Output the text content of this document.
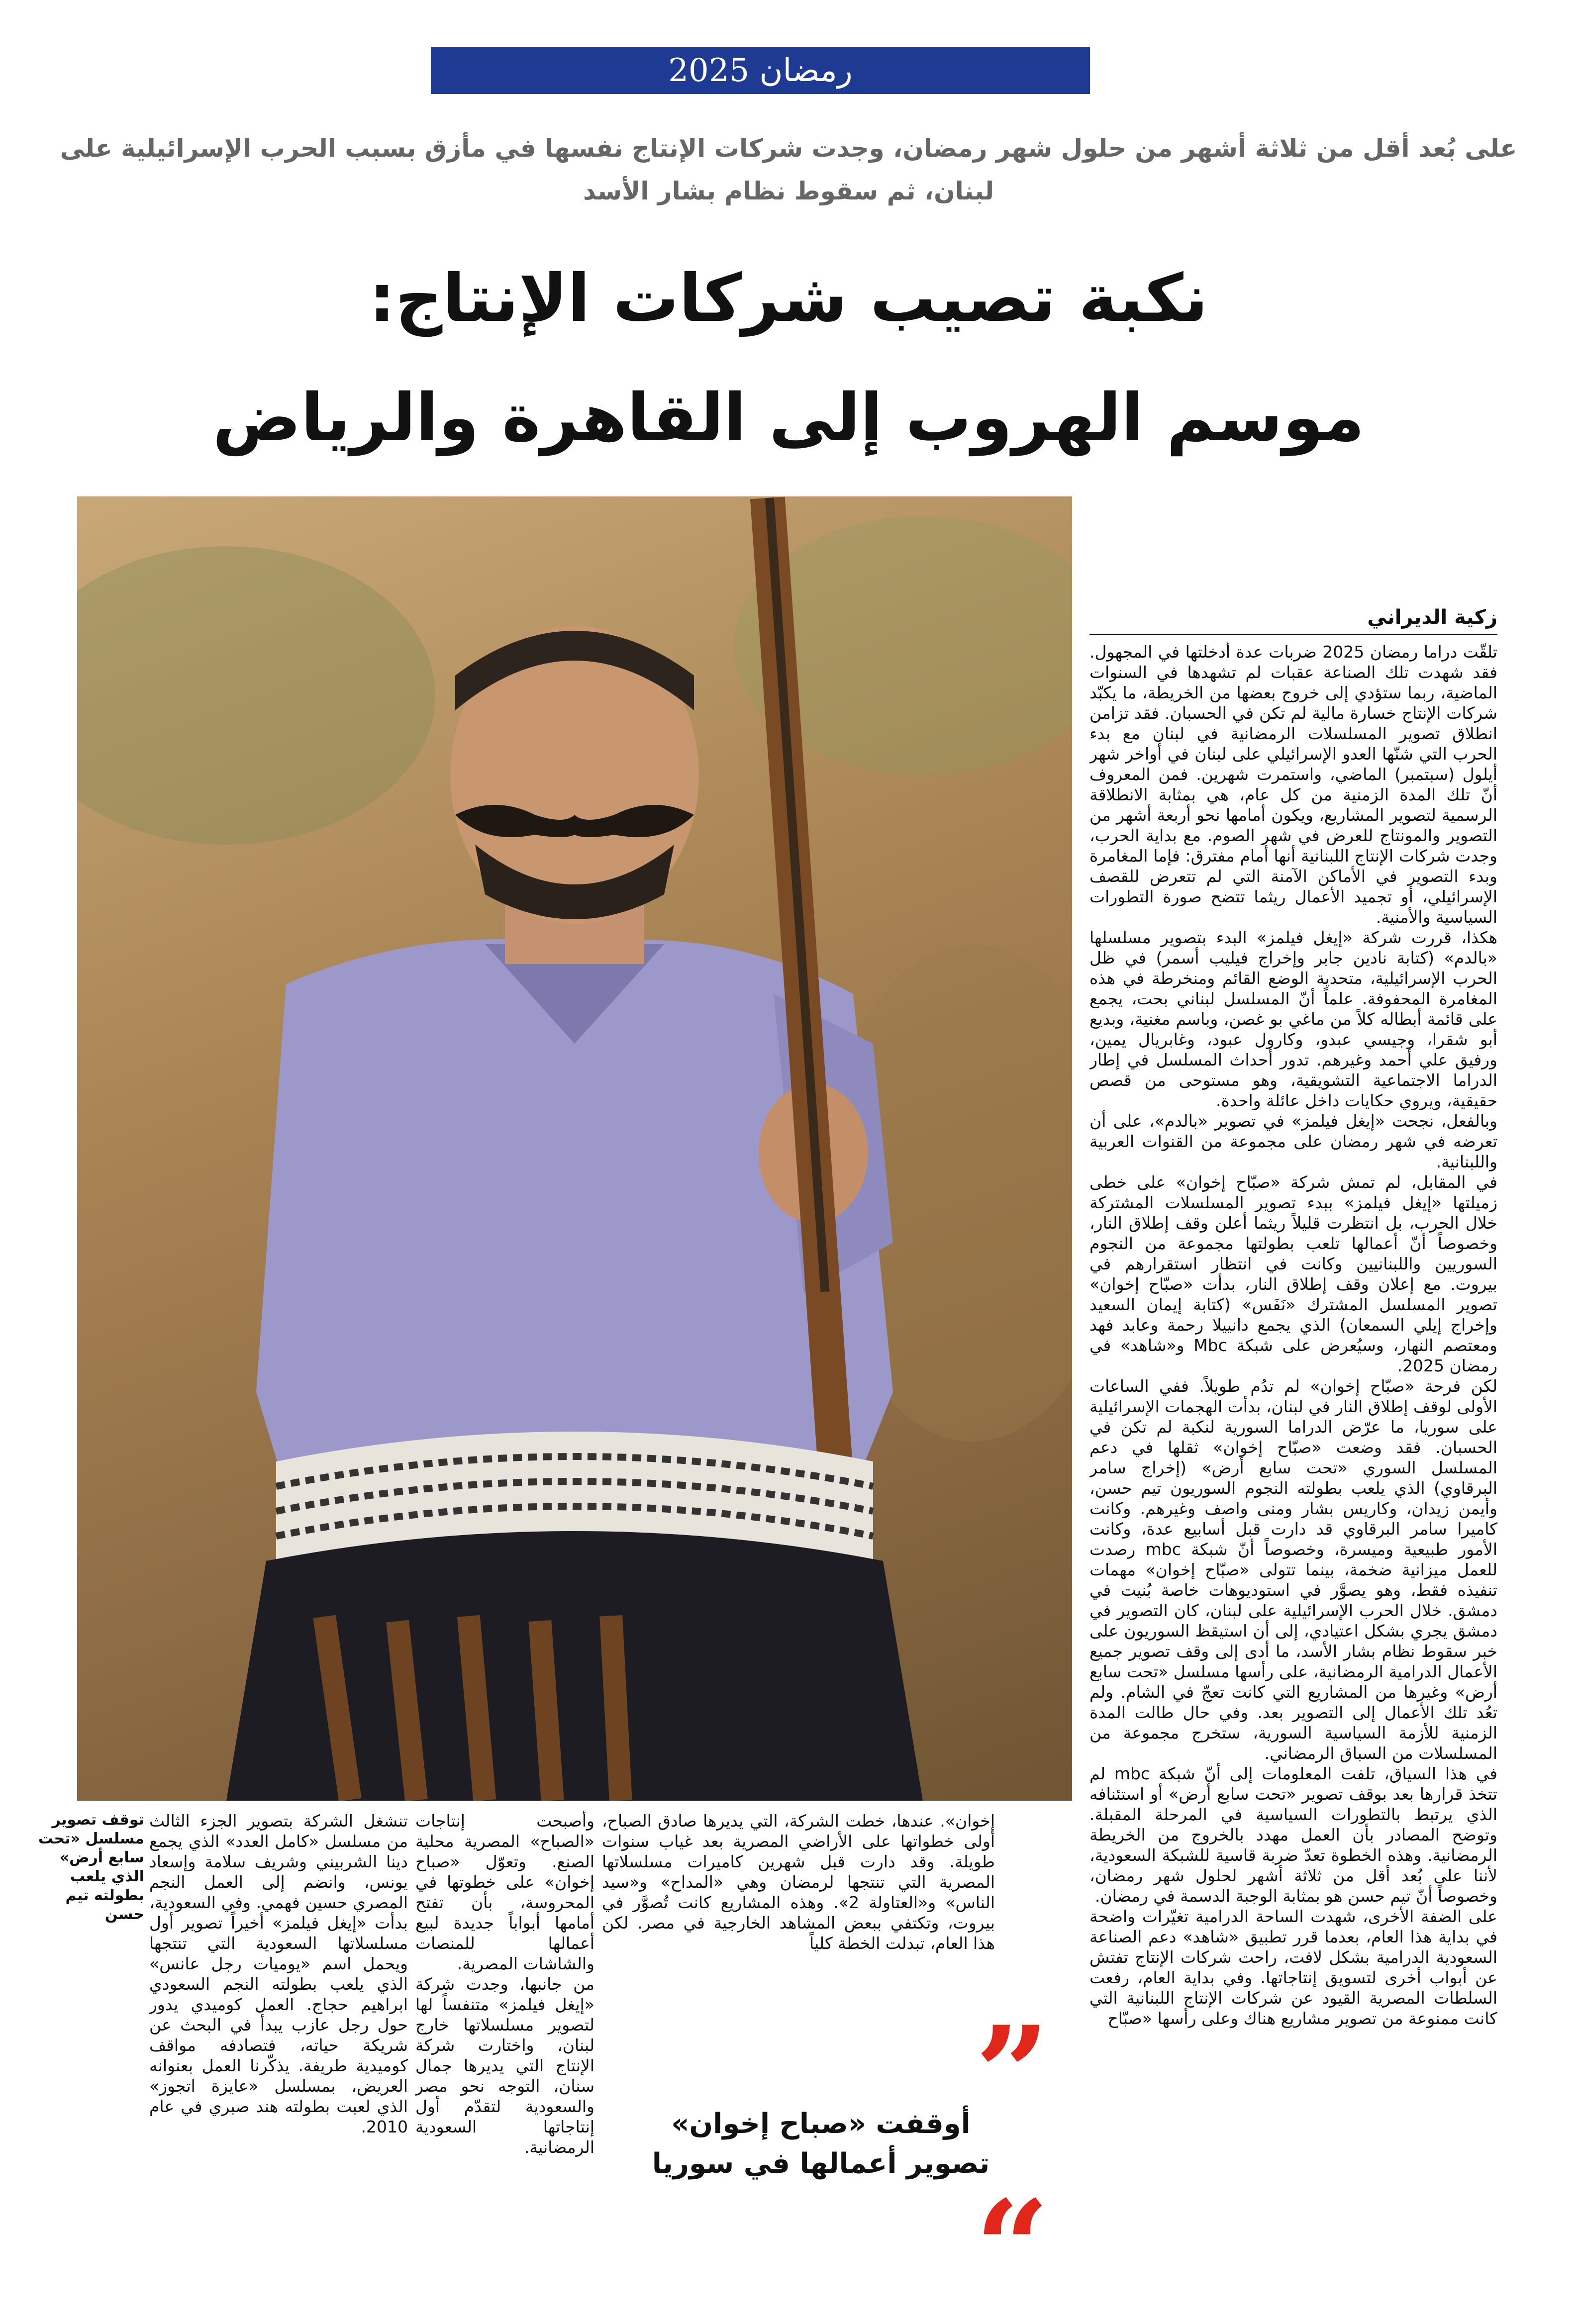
رمضان 2025
على بُعد أقل من ثلاثة أشهر من حلول شهر رمضان، وجدت شركات الإنتاج نفسها في مأزق بسبب الحرب الإسرائيلية على لبنان، ثم سقوط نظام بشار الأسد
نكبة تصيب شركات الإنتاج:
موسم الهروب إلى القاهرة والرياض
زكية الديراني

تلقّت دراما رمضان 2025 ضربات عدة أدخلتها في المجهول. فقد شهدت تلك الصناعة عقبات لم تشهدها في السنوات الماضية، ربما ستؤدي إلى خروج بعضها من الخريطة، ما يكبّد شركات الإنتاج خسارة مالية لم تكن في الحسبان. فقد تزامن انطلاق تصوير المسلسلات الرمضانية في لبنان مع بدء الحرب التي شنّها العدو الإسرائيلي على لبنان في أواخر شهر أيلول (سبتمبر) الماضي، واستمرت شهرين. فمن المعروف أنّ تلك المدة الزمنية من كل عام، هي بمثابة الانطلاقة الرسمية لتصوير المشاريع، ويكون أمامها نحو أربعة أشهر من التصوير والمونتاج للعرض في شهر الصوم. مع بداية الحرب، وجدت شركات الإنتاج اللبنانية أنها أمام مفترق: فإما المغامرة وبدء التصوير في الأماكن الآمنة التي لم تتعرض للقصف الإسرائيلي، أو تجميد الأعمال ريثما تتضح صورة التطورات السياسية والأمنية.

هكذا، قررت شركة «إيغل فيلمز» البدء بتصوير مسلسلها «بالدم» (كتابة نادين جابر وإخراج فيليب أسمر) في ظل الحرب الإسرائيلية، متحدية الوضع القائم ومنخرطة في هذه المغامرة المحفوفة. علماً أنّ المسلسل لبناني بحت، يجمع على قائمة أبطاله كلاً من ماغي بو غصن، وباسم مغنية، وبديع أبو شقرا، وجيسي عبدو، وكارول عبود، وغابريال يمين، ورفيق علي أحمد وغيرهم. تدور أحداث المسلسل في إطار الدراما الاجتماعية التشويقية، وهو مستوحى من قصص حقيقية، ويروي حكايات داخل عائلة واحدة.

وبالفعل، نجحت «إيغل فيلمز» في تصوير «بالدم»، على أن تعرضه في شهر رمضان على مجموعة من القنوات العربية واللبنانية.

في المقابل، لم تمش شركة «صبّاح إخوان» على خطى زميلتها «إيغل فيلمز» ببدء تصوير المسلسلات المشتركة خلال الحرب، بل انتظرت قليلاً ريثما أعلن وقف إطلاق النار، وخصوصاً أنّ أعمالها تلعب بطولتها مجموعة من النجوم السوريين واللبنانيين وكانت في انتظار استقرارهم في بيروت. مع إعلان وقف إطلاق النار، بدأت «صبّاح إخوان» تصوير المسلسل المشترك «نَفَس» (كتابة إيمان السعيد وإخراج إيلي السمعان) الذي يجمع دانييلا رحمة وعابد فهد ومعتصم النهار، وسيُعرض على شبكة Mbc و«شاهد» في رمضان 2025.

لكن فرحة «صبّاح إخوان» لم تدُم طويلاً. ففي الساعات الأولى لوقف إطلاق النار في لبنان، بدأت الهجمات الإسرائيلية على سوريا، ما عرّض الدراما السورية لنكبة لم تكن في الحسبان. فقد وضعت «صبّاح إخوان» ثقلها في دعم المسلسل السوري «تحت سابع أرض» (إخراج سامر البرقاوي) الذي يلعب بطولته النجوم السوريون تيم حسن، وأيمن زيدان، وكاريس بشار ومنى واصف وغيرهم. وكانت كاميرا سامر البرقاوي قد دارت قبل أسابيع عدة، وكانت الأمور طبيعية وميسرة، وخصوصاً أنّ شبكة mbc رصدت للعمل ميزانية ضخمة، بينما تتولى «صبّاح إخوان» مهمات تنفيذه فقط، وهو يصوَّر في استوديوهات خاصة بُنيت في دمشق. خلال الحرب الإسرائيلية على لبنان، كان التصوير في دمشق يجري بشكل اعتيادي، إلى أن استيقظ السوريون على خبر سقوط نظام بشار الأسد، ما أدى إلى وقف تصوير جميع الأعمال الدرامية الرمضانية، على رأسها مسلسل «تحت سابع أرض» وغيرها من المشاريع التي كانت تعجّ في الشام. ولم تعُد تلك الأعمال إلى التصوير بعد. وفي حال طالت المدة الزمنية للأزمة السياسية السورية، ستخرج مجموعة من المسلسلات من السباق الرمضاني.

في هذا السياق، تلفت المعلومات إلى أنّ شبكة mbc لم تتخذ قرارها بعد بوقف تصوير «تحت سابع أرض» أو استئنافه الذي يرتبط بالتطورات السياسية في المرحلة المقبلة. وتوضح المصادر بأن العمل مهدد بالخروج من الخريطة الرمضانية. وهذه الخطوة تعدّ ضربة قاسية للشبكة السعودية، لأننا على بُعد أقل من ثلاثة أشهر لحلول شهر رمضان، وخصوصاً أنّ تيم حسن هو بمثابة الوجبة الدسمة في رمضان.

على الضفة الأخرى، شهدت الساحة الدرامية تغيّرات واضحة في بداية هذا العام، بعدما قرر تطبيق «شاهد» دعم الصناعة السعودية الدرامية بشكل لافت، راحت شركات الإنتاج تفتش عن أبواب أخرى لتسويق إنتاجاتها. وفي بداية العام، رفعت السلطات المصرية القيود عن شركات الإنتاج اللبنانية التي كانت ممنوعة من تصوير مشاريع هناك وعلى رأسها «صبّاح

إخوان». عندها، خطت الشركة، التي يديرها صادق الصباح، أولى خطواتها على الأراضي المصرية بعد غياب سنوات طويلة. وقد دارت قبل شهرين كاميرات مسلسلاتها المصرية التي تنتجها لرمضان وهي «المداح» و«سيد الناس» و«العتاولة 2». وهذه المشاريع كانت تُصوَّر في بيروت، وتكتفي ببعض المشاهد الخارجية في مصر. لكن هذا العام، تبدلت الخطة كلياً

وأصبحت إنتاجات «الصباح» المصرية محلية الصنع. وتعوّل «صباح إخوان» على خطوتها في المحروسة، بأن تفتح أمامها أبواباً جديدة لبيع أعمالها للمنصات والشاشات المصرية.

من جانبها، وجدت شركة «إيغل فيلمز» متنفساً لها لتصوير مسلسلاتها خارج لبنان، واختارت شركة الإنتاج التي يديرها جمال سنان، التوجه نحو مصر والسعودية لتقدّم أول إنتاجاتها السعودية الرمضانية.

تنشغل الشركة بتصوير الجزء الثالث من مسلسل «كامل العدد» الذي يجمع دينا الشربيني وشريف سلامة وإسعاد يونس، وانضم إلى العمل النجم المصري حسين فهمي. وفي السعودية، بدأت «إيغل فيلمز» أخيراً تصوير أول مسلسلاتها السعودية التي تنتجها ويحمل اسم «يوميات رجل عانس» الذي يلعب بطولته النجم السعودي ابراهيم حجاج. العمل كوميدي يدور حول رجل عازب يبدأ في البحث عن شريكة حياته، فتصادفه مواقف كوميدية طريفة. يذكّرنا العمل بعنوانه العريض، بمسلسل «عايزة اتجوز» الذي لعبت بطولته هند صبري في عام 2010.

توقف تصوير مسلسل «تحت سابع أرض» الذي يلعب بطولته تيم حسن
”
أوقفت «صباح إخوان» تصوير أعمالها في سوريا
“
